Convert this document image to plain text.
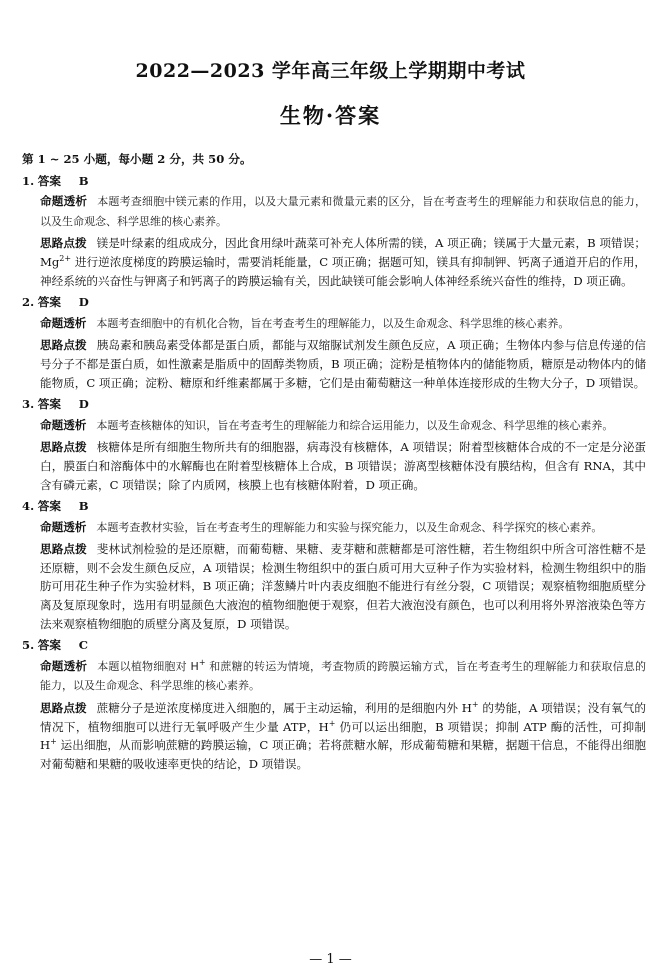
2022—2023 学年高三年级上学期期中考试
生物·答案

第 1 ~ 25 小题，每小题 2 分，共 50 分。

1. 答案 B

命题透析 本题考查细胞中镁元素的作用，以及大量元素和微量元素的区分，旨在考查考生的理解能力和获取信息的能力，以及生命观念、科学思维的核心素养。

思路点拨 镁是叶绿素的组成成分，因此食用绿叶蔬菜可补充人体所需的镁，A 项正确；镁属于大量元素，B 项错误；$Mg^{2+}$ 进行逆浓度梯度的跨膜运输时，需要消耗能量，C 项正确；据题可知，镁具有抑制钾、钙离子通道开启的作用，神经系统的兴奋性与钾离子和钙离子的跨膜运输有关，因此缺镁可能会影响人体神经系统兴奋性的维持，D 项正确。

2. 答案 D

命题透析 本题考查细胞中的有机化合物，旨在考查考生的理解能力，以及生命观念、科学思维的核心素养。

思路点拨 胰岛素和胰岛素受体都是蛋白质，都能与双缩脲试剂发生颜色反应，A 项正确；生物体内参与信息传递的信号分子不都是蛋白质，如性激素是脂质中的固醇类物质，B 项正确；淀粉是植物体内的储能物质，糖原是动物体内的储能物质，C 项正确；淀粉、糖原和纤维素都属于多糖，它们是由葡萄糖这一种单体连接形成的生物大分子，D 项错误。

3. 答案 D

命题透析 本题考查核糖体的知识，旨在考查考生的理解能力和综合运用能力，以及生命观念、科学思维的核心素养。

思路点拨 核糖体是所有细胞生物所共有的细胞器，病毒没有核糖体，A 项错误；附着型核糖体合成的不一定是分泌蛋白，膜蛋白和溶酶体中的水解酶也在附着型核糖体上合成，B 项错误；游离型核糖体没有膜结构，但含有 RNA，其中含有磷元素，C 项错误；除了内质网，核膜上也有核糖体附着，D 项正确。

4. 答案 B

命题透析 本题考查教材实验，旨在考查考生的理解能力和实验与探究能力，以及生命观念、科学探究的核心素养。

思路点拨 斐林试剂检验的是还原糖，而葡萄糖、果糖、麦芽糖和蔗糖都是可溶性糖，若生物组织中所含可溶性糖不是还原糖，则不会发生颜色反应，A 项错误；检测生物组织中的蛋白质可用大豆种子作为实验材料，检测生物组织中的脂肪可用花生种子作为实验材料，B 项正确；洋葱鳞片叶内表皮细胞不能进行有丝分裂，C 项错误；观察植物细胞质壁分离及复原现象时，选用有明显颜色大液泡的植物细胞便于观察，但若大液泡没有颜色，也可以利用将外界溶液染色等方法来观察植物细胞的质壁分离及复原，D 项错误。

5. 答案 C

命题透析 本题以植物细胞对 H+ 和蔗糖的转运为情境，考查物质的跨膜运输方式，旨在考查考生的理解能力和获取信息的能力，以及生命观念、科学思维的核心素养。

思路点拨 蔗糖分子是逆浓度梯度进入细胞的，属于主动运输，利用的是细胞内外 H+ 的势能，A 项错误；没有氧气的情况下，植物细胞可以进行无氧呼吸产生少量 ATP，H+ 仍可以运出细胞，B 项错误；抑制 ATP 酶的活性，可抑制 H+ 运出细胞，从而影响蔗糖的跨膜运输，C 项正确；若将蔗糖水解，形成葡萄糖和果糖，据题干信息，不能得出细胞对葡萄糖和果糖的吸收速率更快的结论，D 项错误。

— 1 —
